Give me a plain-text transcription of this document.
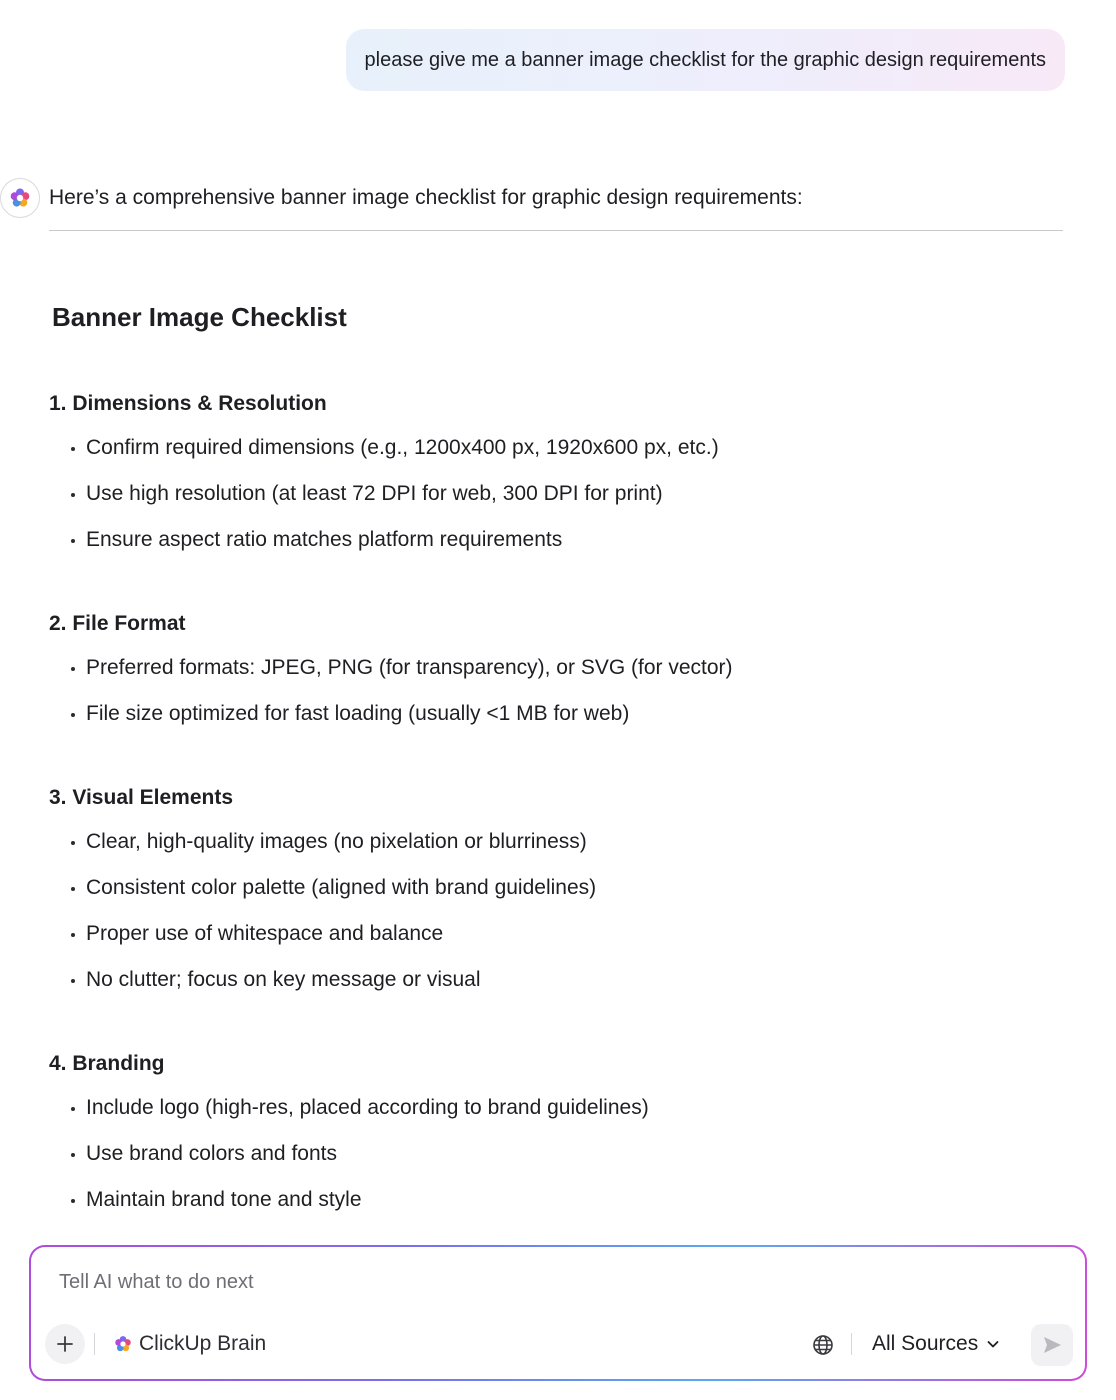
please give me a banner image checklist for the graphic design requirements
Here’s a comprehensive banner image checklist for graphic design requirements:
Banner Image Checklist
1. Dimensions & Resolution
Confirm required dimensions (e.g., 1200x400 px, 1920x600 px, etc.)
Use high resolution (at least 72 DPI for web, 300 DPI for print)
Ensure aspect ratio matches platform requirements
2. File Format
Preferred formats: JPEG, PNG (for transparency), or SVG (for vector)
File size optimized for fast loading (usually <1 MB for web)
3. Visual Elements
Clear, high-quality images (no pixelation or blurriness)
Consistent color palette (aligned with brand guidelines)
Proper use of whitespace and balance
No clutter; focus on key message or visual
4. Branding
Include logo (high-res, placed according to brand guidelines)
Use brand colors and fonts
Maintain brand tone and style
Tell AI what to do next
ClickUp Brain	All Sources
